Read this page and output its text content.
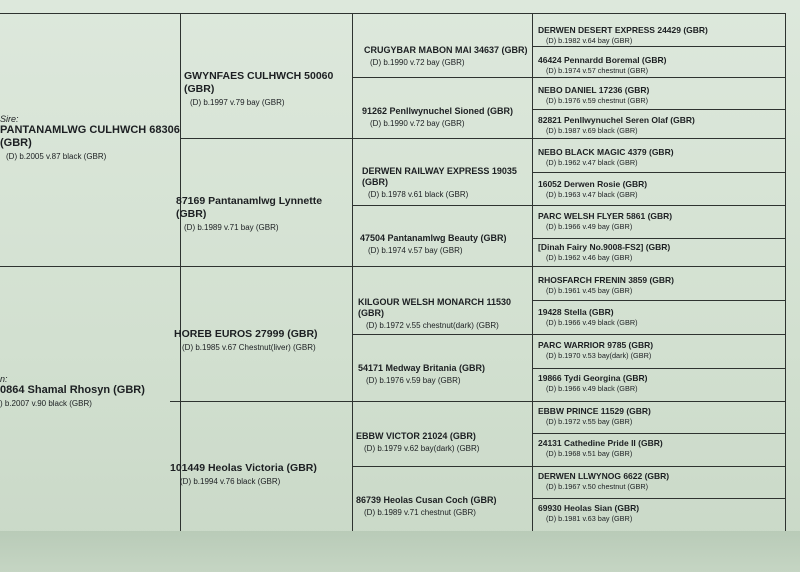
Sire:
PANTANAMLWG CULHWCH 68306
(GBR)
(D) b.2005 v.87 black (GBR)
n:
0864 Shamal Rhosyn (GBR)
) b.2007 v.90 black (GBR)
GWYNFAES CULHWCH 50060
(GBR)
(D) b.1997 v.79 bay (GBR)
87169 Pantanamlwg Lynnette
(GBR)
(D) b.1989 v.71 bay (GBR)
HOREB EUROS 27999 (GBR)
(D) b.1985 v.67 Chestnut(liver) (GBR)
101449 Heolas Victoria (GBR)
(D) b.1994 v.76 black (GBR)
CRUGYBAR MABON MAI 34637 (GBR)
(D) b.1990 v.72 bay (GBR)
91262 Penllwynuchel Sioned (GBR)
(D) b.1990 v.72 bay (GBR)
DERWEN RAILWAY EXPRESS 19035
(GBR)
(D) b.1978 v.61 black (GBR)
47504 Pantanamlwg Beauty (GBR)
(D) b.1974 v.57 bay (GBR)
KILGOUR WELSH MONARCH 11530
(GBR)
(D) b.1972 v.55 chestnut(dark) (GBR)
54171 Medway Britania (GBR)
(D) b.1976 v.59 bay (GBR)
EBBW VICTOR 21024 (GBR)
(D) b.1979 v.62 bay(dark) (GBR)
86739 Heolas Cusan Coch (GBR)
(D) b.1989 v.71 chestnut (GBR)
DERWEN DESERT EXPRESS 24429 (GBR)
(D) b.1982 v.64 bay (GBR)
46424 Pennardd Boremal (GBR)
(D) b.1974 v.57 chestnut (GBR)
NEBO DANIEL 17236 (GBR)
(D) b.1976 v.59 chestnut (GBR)
82821 Penllwynuchel Seren Olaf (GBR)
(D) b.1987 v.69 black (GBR)
NEBO BLACK MAGIC 4379 (GBR)
(D) b.1962 v.47 black (GBR)
16052 Derwen Rosie (GBR)
(D) b.1963 v.47 black (GBR)
PARC WELSH FLYER 5861 (GBR)
(D) b.1966 v.49 bay (GBR)
[Dinah Fairy No.9008-FS2] (GBR)
(D) b.1962 v.46 bay (GBR)
RHOSFARCH FRENIN 3859 (GBR)
(D) b.1961 v.45 bay (GBR)
19428 Stella (GBR)
(D) b.1966 v.49 black (GBR)
PARC WARRIOR 9785 (GBR)
(D) b.1970 v.53 bay(dark) (GBR)
19866 Tydi Georgina (GBR)
(D) b.1966 v.49 black (GBR)
EBBW PRINCE 11529 (GBR)
(D) b.1972 v.55 bay (GBR)
24131 Cathedine Pride II (GBR)
(D) b.1968 v.51 bay (GBR)
DERWEN LLWYNOG 6622 (GBR)
(D) b.1967 v.50 chestnut (GBR)
69930 Heolas Sian (GBR)
(D) b.1981 v.63 bay (GBR)
